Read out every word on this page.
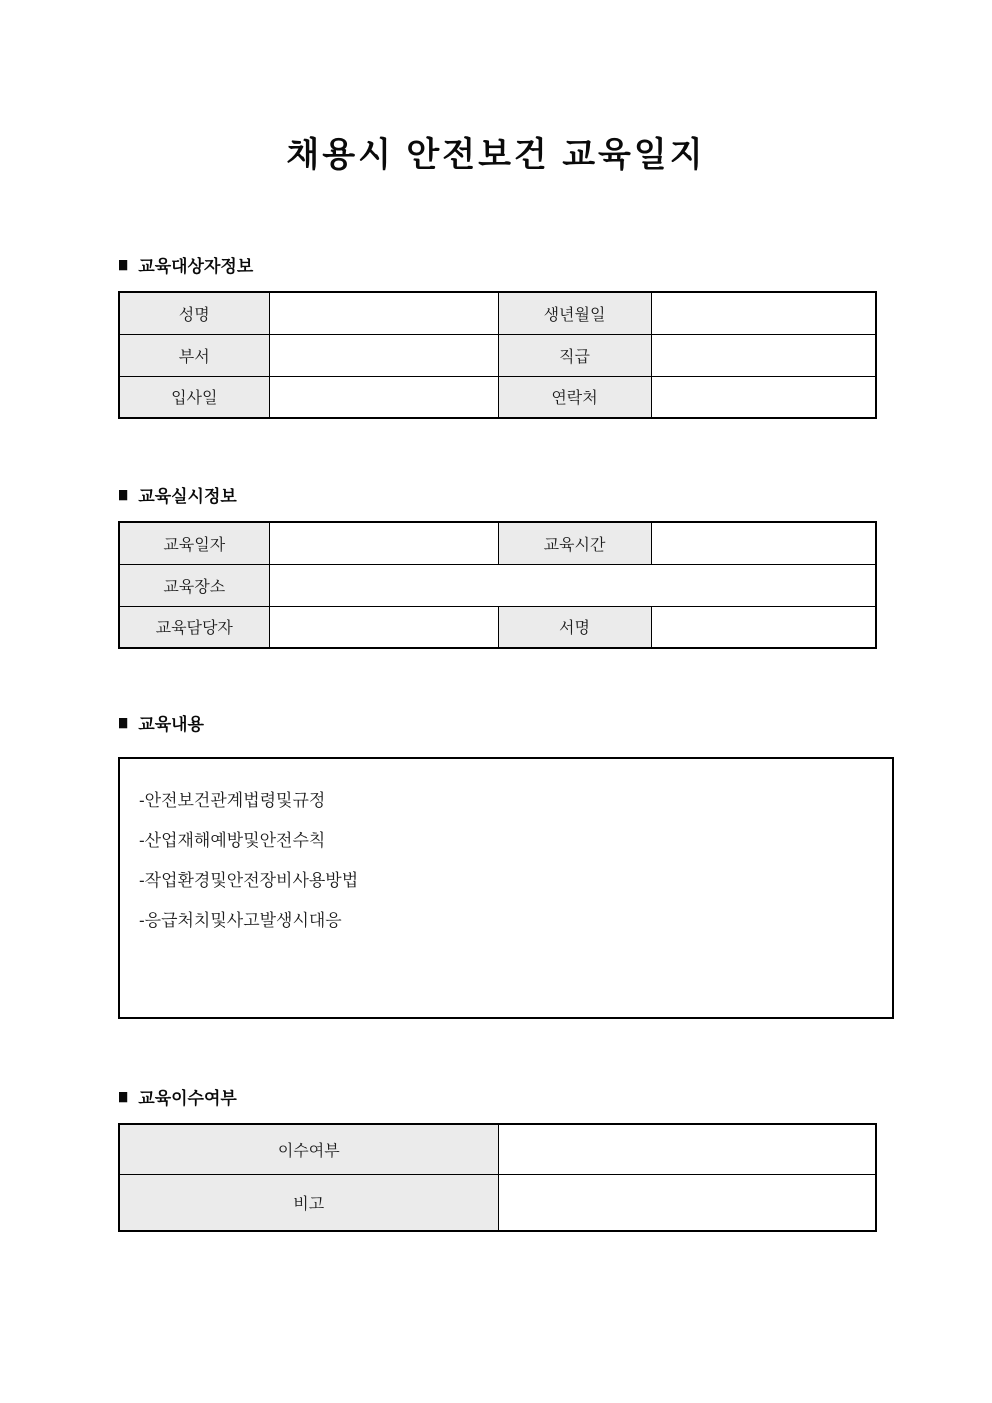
채용시 안전보건 교육일지
■ 교육대상자정보
성명		생년월일	
부서		직급	
입사일		연락처	
■ 교육실시정보
교육일자		교육시간	
교육장소			
교육담당자		서명	
■ 교육내용
-안전보건관계법령및규정
-산업재해예방및안전수칙
-작업환경및안전장비사용방법
-응급처치및사고발생시대응
■ 교육이수여부
이수여부	
비고	
